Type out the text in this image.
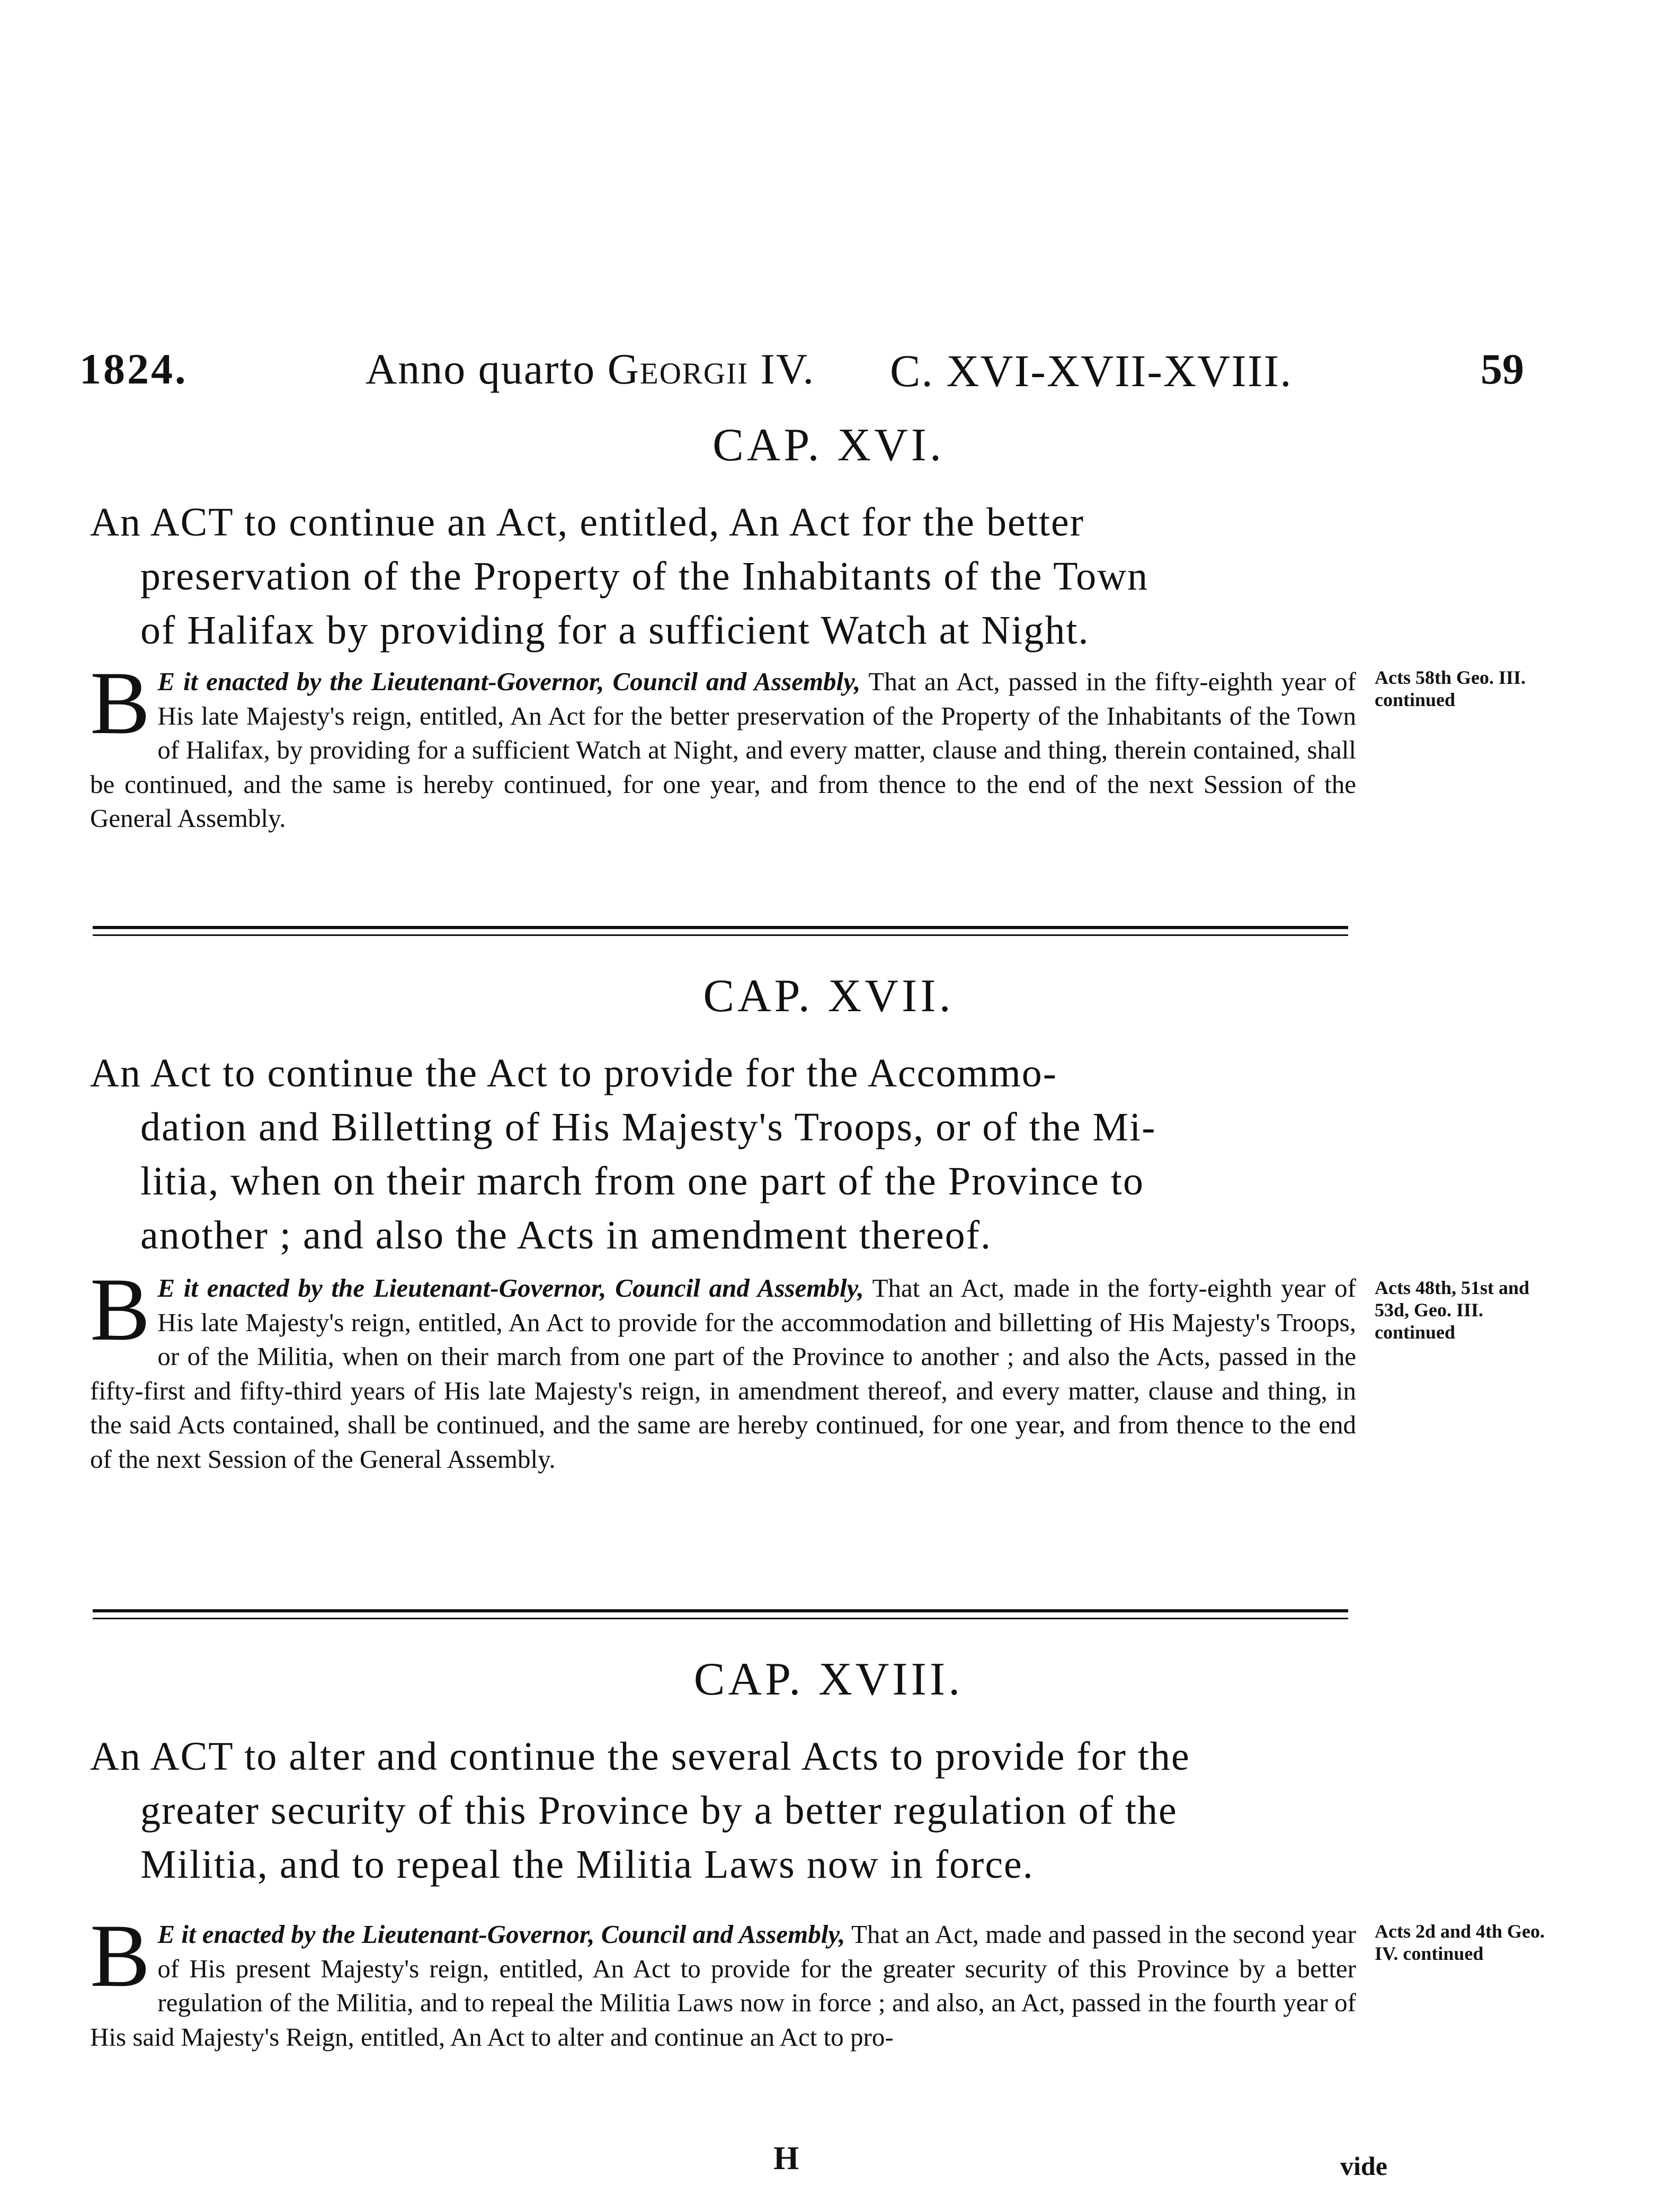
1824.	Anno quarto Georgii IV. C. XVI-XVII-XVIII.	59
CAP. XVI.
An ACT to continue an Act, entitled, An Act for the better
preservation of the Property of the Inhabitants of the Town
of Halifax by providing for a sufficient Watch at Night.
B E it enacted by the Lieutenant-Governor, Council and Assembly, That an Act, passed in the fifty-eighth year of His late Majesty's reign, entitled, An Act for the better preservation of the Property of the Inhabitants of the Town of Halifax, by providing for a sufficient Watch at Night, and every matter, clause and thing, therein contained, shall be continued, and the same is hereby continued, for one year, and from thence to the end of the next Session of the General Assembly.
Acts 58th Geo. III. continued
CAP. XVII.
An Act to continue the Act to provide for the Accommo-
dation and Billetting of His Majesty's Troops, or of the Mi-
litia, when on their march from one part of the Province to
another ; and also the Acts in amendment thereof.
B E it enacted by the Lieutenant-Governor, Council and Assembly, That an Act, made in the forty-eighth year of His late Majesty's reign, entitled, An Act to provide for the accommodation and billetting of His Majesty's Troops, or of the Militia, when on their march from one part of the Province to another ; and also the Acts, passed in the fifty-first and fifty-third years of His late Majesty's reign, in amendment thereof, and every matter, clause and thing, in the said Acts contained, shall be continued, and the same are hereby continued, for one year, and from thence to the end of the next Session of the General Assembly.
Acts 48th, 51st and 53d, Geo. III. continued
CAP. XVIII.
An ACT to alter and continue the several Acts to provide for the
greater security of this Province by a better regulation of the
Militia, and to repeal the Militia Laws now in force.
B E it enacted by the Lieutenant-Governor, Council and Assembly, That an Act, made and passed in the second year of His present Majesty's reign, entitled, An Act to provide for the greater security of this Province by a better regulation of the Militia, and to repeal the Militia Laws now in force ; and also, an Act, passed in the fourth year of His said Majesty's Reign, entitled, An Act to alter and continue an Act to pro-
Acts 2d and 4th Geo. IV. continued
H	vide
